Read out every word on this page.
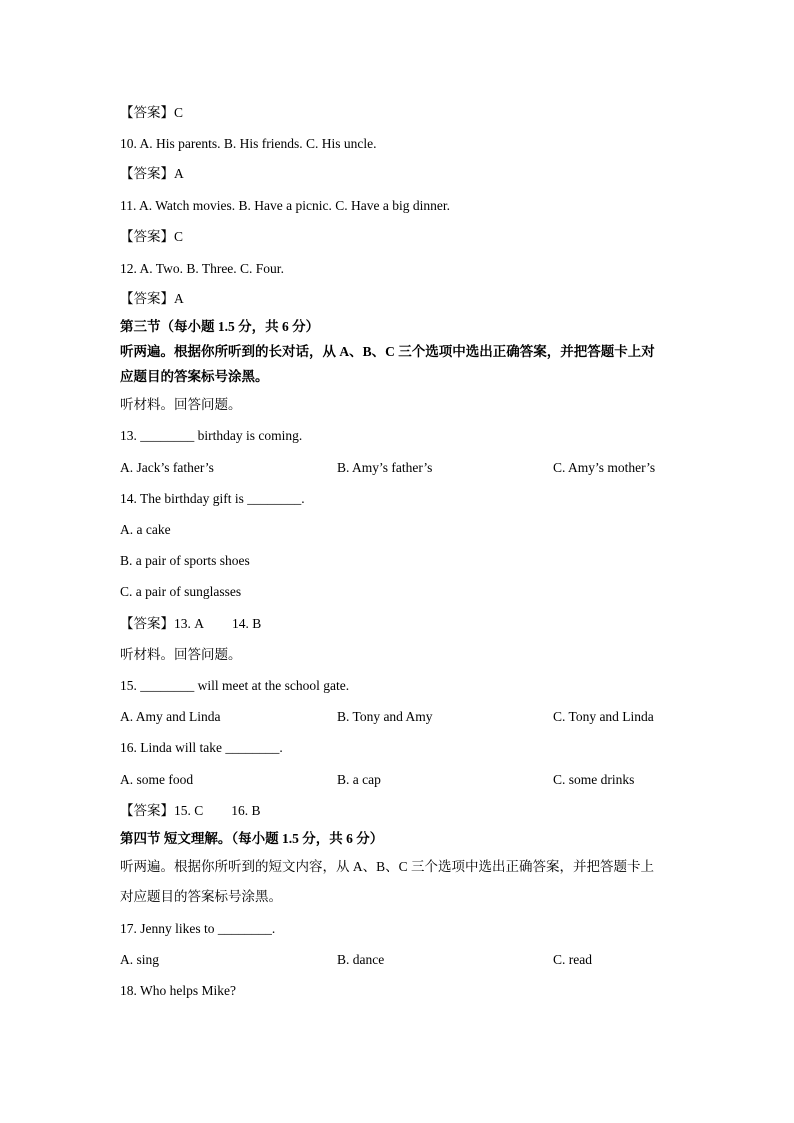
【答案】C
10. A. His parents. B. His friends. C. His uncle.
【答案】A
11. A. Watch movies. B. Have a picnic. C. Have a big dinner.
【答案】C
12. A. Two. B. Three. C. Four.
【答案】A
第三节（每小题 1.5 分，共 6 分）
听两遍。根据你所听到的长对话，从 A、B、C 三个选项中选出正确答案，并把答题卡上对
应题目的答案标号涂黑。
听材料。回答问题。
13. ________ birthday is coming.
A. Jack’s father’s	B. Amy’s father’s	C. Amy’s mother’s
14. The birthday gift is ________.
A. a cake
B. a pair of sports shoes
C. a pair of sunglasses
【答案】13. A 14. B
听材料。回答问题。
15. ________ will meet at the school gate.
A. Amy and Linda	B. Tony and Amy	C. Tony and Linda
16. Linda will take ________.
A. some food	B. a cap	C. some drinks
【答案】15. C 16. B
第四节 短文理解。（每小题 1.5 分，共 6 分）
听两遍。根据你所听到的短文内容，从 A、B、C 三个选项中选出正确答案，并把答题卡上
对应题目的答案标号涂黑。
17. Jenny likes to ________.
A. sing	B. dance	C. read
18. Who helps Mike?
